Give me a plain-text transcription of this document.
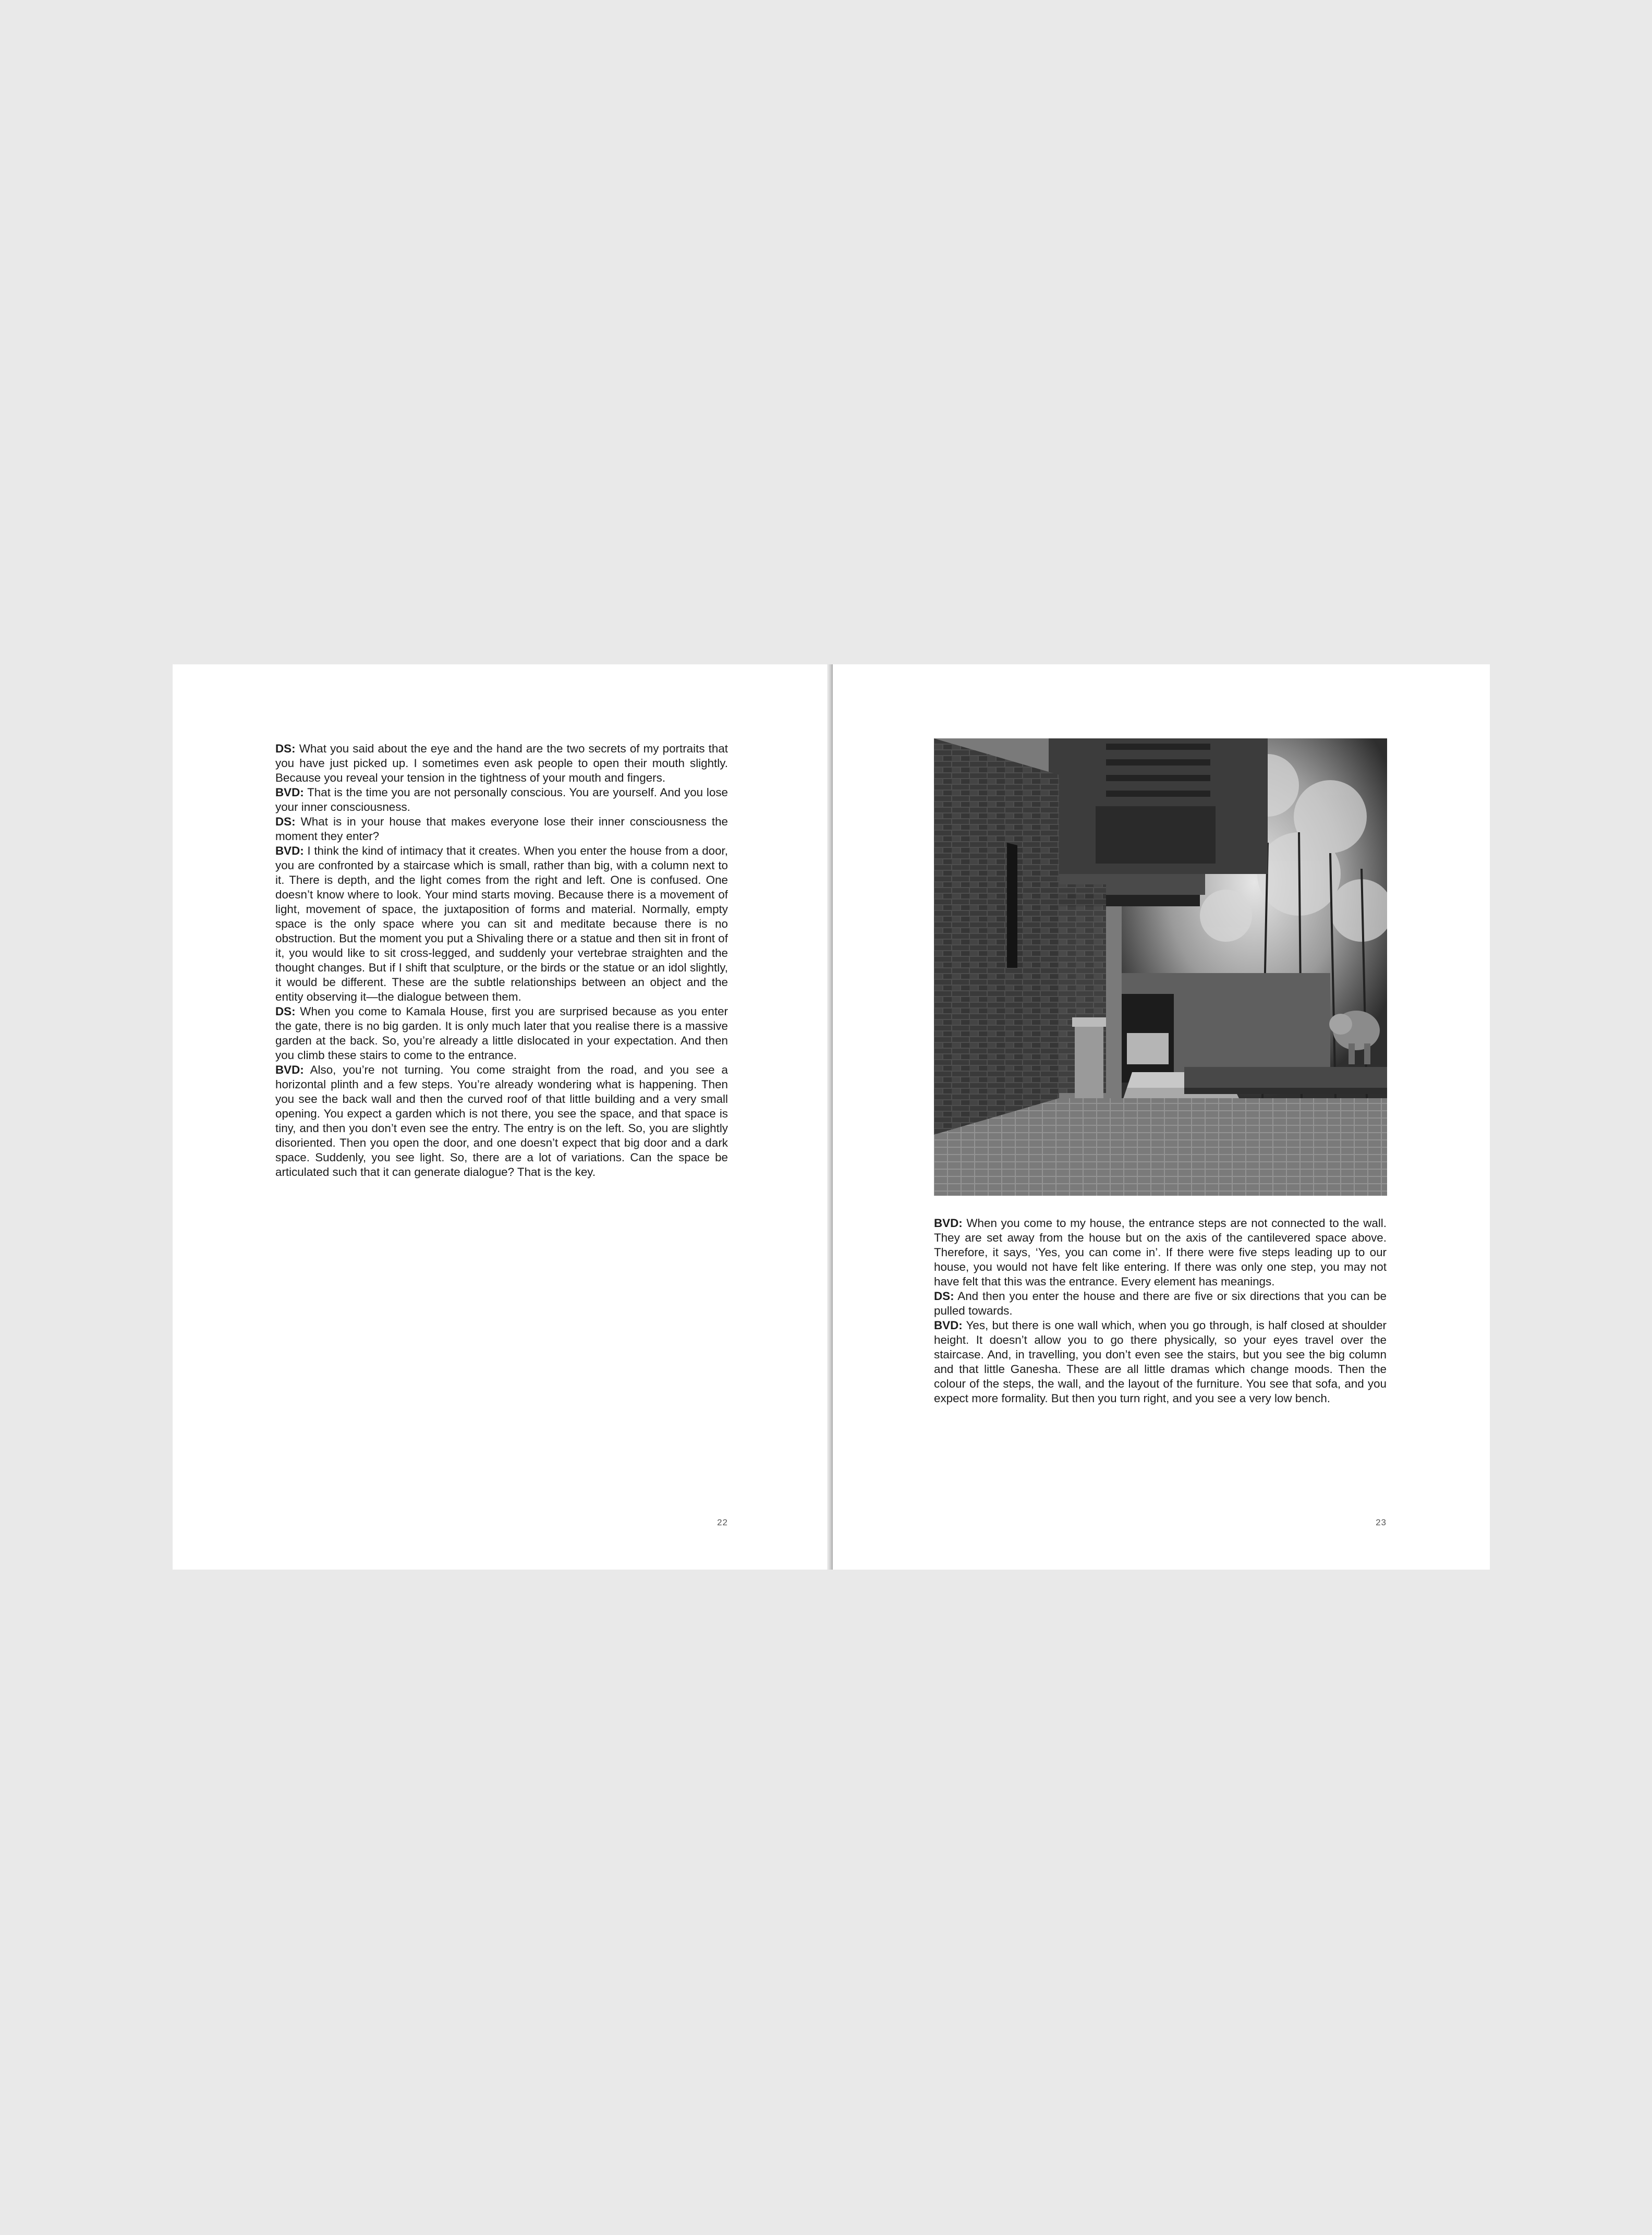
DS: What you said about the eye and the hand are the two secrets of my portraits that you have just picked up. I sometimes even ask people to open their mouth slightly. Because you reveal your tension in the tightness of your mouth and fingers.

BVD: That is the time you are not personally conscious. You are yourself. And you lose your inner consciousness.

DS: What is in your house that makes everyone lose their inner consciousness the moment they enter?

BVD: I think the kind of intimacy that it creates. When you enter the house from a door, you are confronted by a staircase which is small, rather than big, with a column next to it. There is depth, and the light comes from the right and left. One is confused. One doesn’t know where to look. Your mind starts moving. Because there is a movement of light, movement of space, the juxtaposition of forms and material. Normally, empty space is the only space where you can sit and meditate because there is no obstruction. But the moment you put a Shivaling there or a statue and then sit in front of it, you would like to sit cross-legged, and suddenly your vertebrae straighten and the thought changes. But if I shift that sculpture, or the birds or the statue or an idol slightly, it would be different. These are the subtle relationships between an object and the entity observing it—the dialogue between them.

DS: When you come to Kamala House, first you are surprised because as you enter the gate, there is no big garden. It is only much later that you realise there is a massive garden at the back. So, you’re already a little dislocated in your expectation. And then you climb these stairs to come to the entrance.

BVD: Also, you’re not turning. You come straight from the road, and you see a horizontal plinth and a few steps. You’re already wondering what is happening. Then you see the back wall and then the curved roof of that little building and a very small opening. You expect a garden which is not there, you see the space, and that space is tiny, and then you don’t even see the entry. The entry is on the left. So, you are slightly disoriented. Then you open the door, and one doesn’t expect that big door and a dark space. Suddenly, you see light. So, there are a lot of variations. Can the space be articulated such that it can generate dialogue? That is the key.

22

BVD: When you come to my house, the entrance steps are not connected to the wall. They are set away from the house but on the axis of the cantilevered space above. Therefore, it says, ‘Yes, you can come in’. If there were five steps leading up to our house, you would not have felt like entering. If there was only one step, you may not have felt that this was the entrance. Every element has meanings.

DS: And then you enter the house and there are five or six directions that you can be pulled towards.

BVD: Yes, but there is one wall which, when you go through, is half closed at shoulder height. It doesn’t allow you to go there physically, so your eyes travel over the staircase. And, in travelling, you don’t even see the stairs, but you see the big column and that little Ganesha. These are all little dramas which change moods. Then the colour of the steps, the wall, and the layout of the furniture. You see that sofa, and you expect more formality. But then you turn right, and you see a very low bench.

23
